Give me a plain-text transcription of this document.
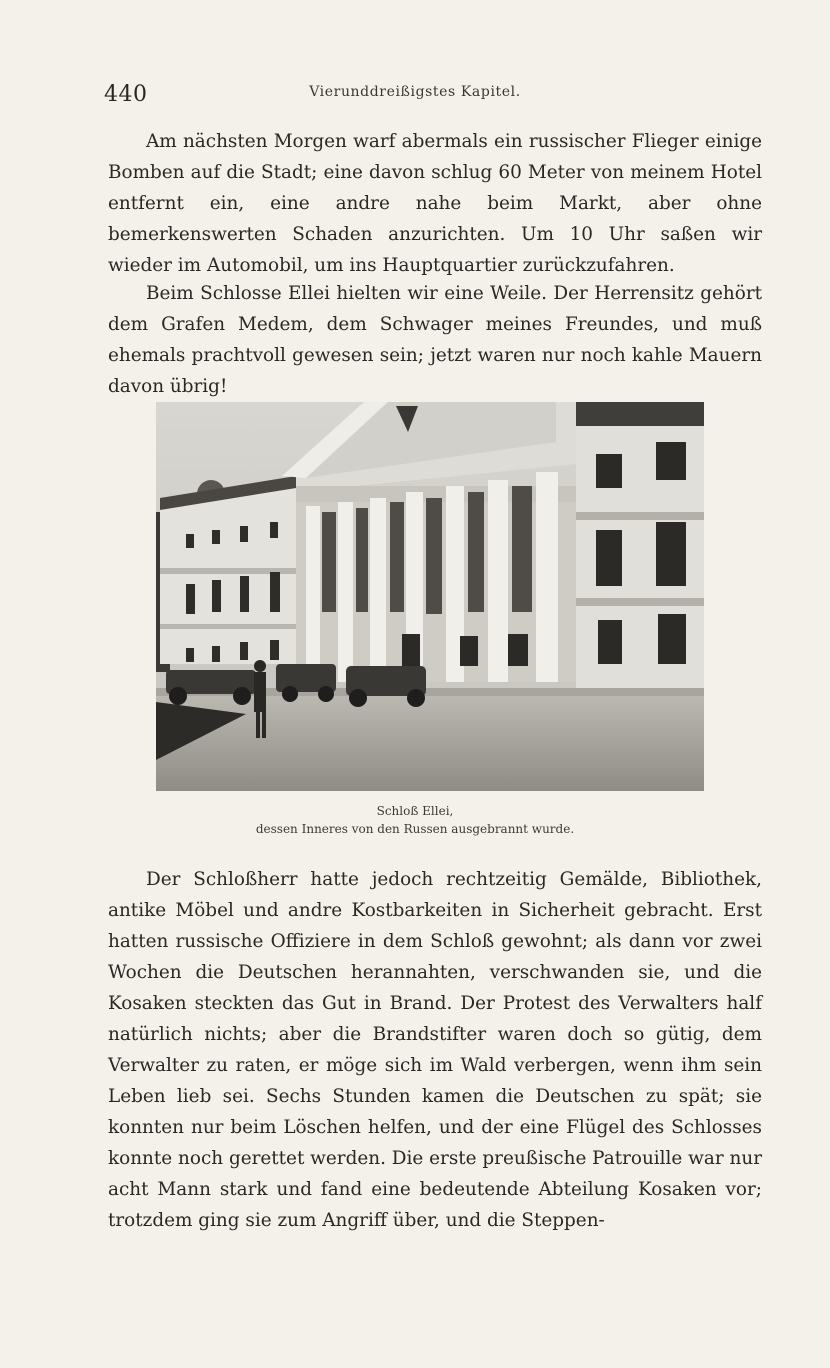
440	Vierunddreißigstes Kapitel.

Am nächsten Morgen warf abermals ein russischer Flieger einige Bomben auf die Stadt; eine davon schlug 60 Meter von meinem Hotel entfernt ein, eine andre nahe beim Markt, aber ohne bemerkenswerten Schaden anzurichten. Um 10 Uhr saßen wir wieder im Automobil, um ins Hauptquartier zurückzufahren.

Beim Schlosse Ellei hielten wir eine Weile. Der Herrensitz gehört dem Grafen Medem, dem Schwager meines Freundes, und muß ehemals prachtvoll gewesen sein; jetzt waren nur noch kahle Mauern davon übrig!

Schloß Ellei,
dessen Inneres von den Russen ausgebrannt wurde.

Der Schloßherr hatte jedoch rechtzeitig Gemälde, Bibliothek, antike Möbel und andre Kostbarkeiten in Sicherheit gebracht. Erst hatten russische Offiziere in dem Schloß gewohnt; als dann vor zwei Wochen die Deutschen herannahten, verschwanden sie, und die Kosaken steckten das Gut in Brand. Der Protest des Verwalters half natürlich nichts; aber die Brandstifter waren doch so gütig, dem Verwalter zu raten, er möge sich im Wald verbergen, wenn ihm sein Leben lieb sei. Sechs Stunden kamen die Deutschen zu spät; sie konnten nur beim Löschen helfen, und der eine Flügel des Schlosses konnte noch gerettet werden. Die erste preußische Patrouille war nur acht Mann stark und fand eine bedeutende Abteilung Kosaken vor; trotzdem ging sie zum Angriff über, und die Steppen-
